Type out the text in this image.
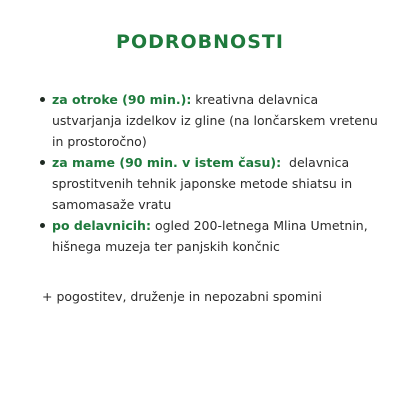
PODROBNOSTI
za otroke (90 min.): kreativna delavnica ustvarjanja izdelkov iz gline (na lončarskem vretenu in prostoročno)
za mame (90 min. v istem času):  delavnica sprostitvenih tehnik japonske metode shiatsu in samomasaže vratu
po delavnicih: ogled 200-letnega Mlina Umetnin, hišnega muzeja ter panjskih končnic
+ pogostitev, druženje in nepozabni spomini
